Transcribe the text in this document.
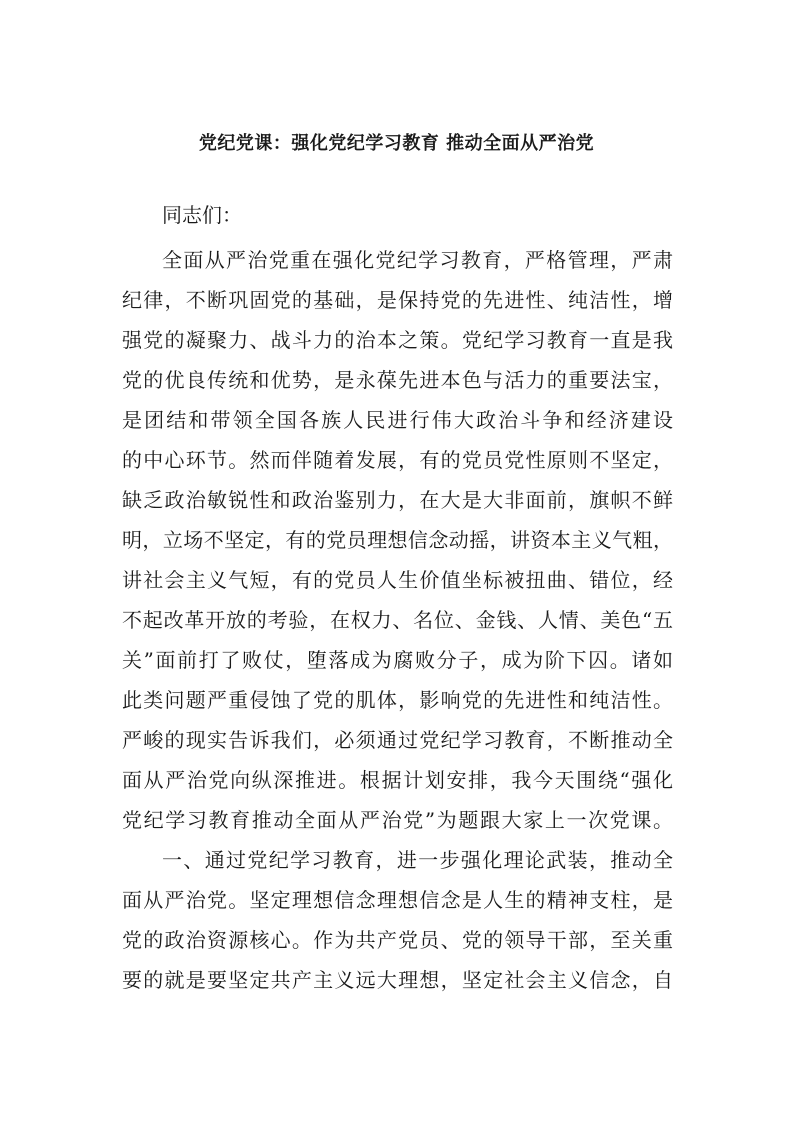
党纪党课：强化党纪学习教育 推动全面从严治党

同志们：

全面从严治党重在强化党纪学习教育，严格管理，严肃

纪律，不断巩固党的基础，是保持党的先进性、纯洁性，增

强党的凝聚力、战斗力的治本之策。党纪学习教育一直是我

党的优良传统和优势，是永葆先进本色与活力的重要法宝，

是团结和带领全国各族人民进行伟大政治斗争和经济建设

的中心环节。然而伴随着发展，有的党员党性原则不坚定，

缺乏政治敏锐性和政治鉴别力，在大是大非面前，旗帜不鲜

明，立场不坚定，有的党员理想信念动摇，讲资本主义气粗，

讲社会主义气短，有的党员人生价值坐标被扭曲、错位，经

不起改革开放的考验，在权力、名位、金钱、人情、美色“五

关”面前打了败仗，堕落成为腐败分子，成为阶下囚。诸如

此类问题严重侵蚀了党的肌体，影响党的先进性和纯洁性。

严峻的现实告诉我们，必须通过党纪学习教育，不断推动全

面从严治党向纵深推进。根据计划安排，我今天围绕“强化

党纪学习教育推动全面从严治党”为题跟大家上一次党课。

一、通过党纪学习教育，进一步强化理论武装，推动全

面从严治党。坚定理想信念理想信念是人生的精神支柱，是

党的政治资源核心。作为共产党员、党的领导干部，至关重

要的就是要坚定共产主义远大理想，坚定社会主义信念，自
